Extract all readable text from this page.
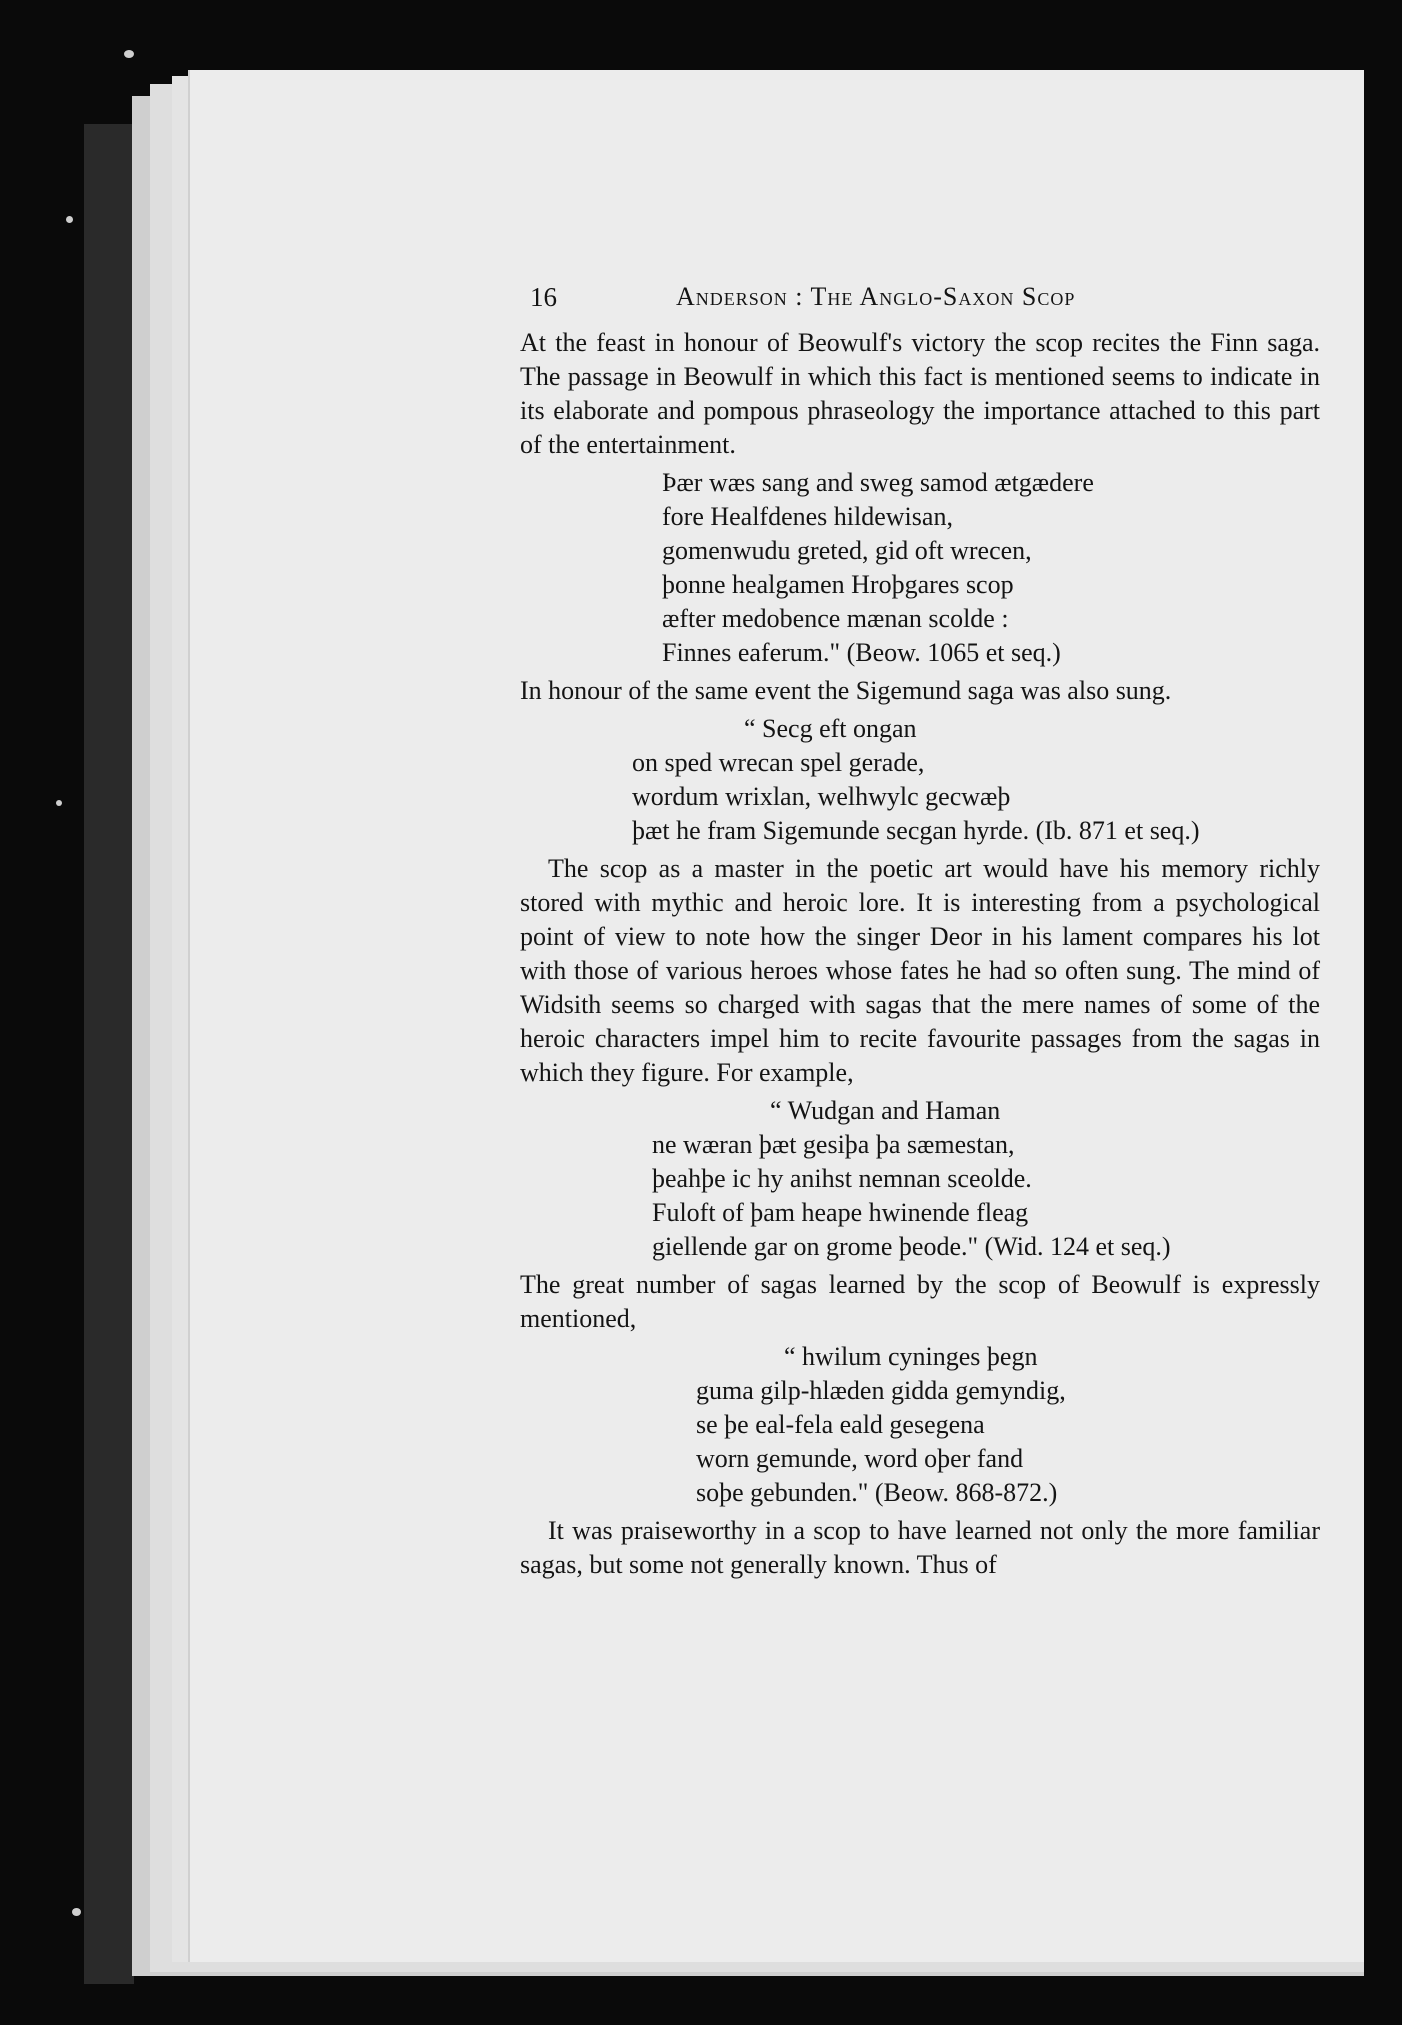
16	Anderson : The Anglo-Saxon Scop

At the feast in honour of Beowulf's victory the scop recites the Finn saga. The passage in Beowulf in which this fact is mentioned seems to indicate in its elaborate and pompous phraseology the importance attached to this part of the entertainment.

Þær wæs sang and sweg samod ætgædere
fore Healfdenes hildewisan,
gomenwudu greted, gid oft wrecen,
þonne healgamen Hroþgares scop
æfter medobence mænan scolde :
Finnes eaferum." (Beow. 1065 et seq.)

In honour of the same event the Sigemund saga was also sung.

“ Secg eft ongan
on sped wrecan spel gerade,
wordum wrixlan, welhwylc gecwæþ
þæt he fram Sigemunde secgan hyrde. (Ib. 871 et seq.)

The scop as a master in the poetic art would have his memory richly stored with mythic and heroic lore. It is interesting from a psychological point of view to note how the singer Deor in his lament compares his lot with those of various heroes whose fates he had so often sung. The mind of Widsith seems so charged with sagas that the mere names of some of the heroic characters impel him to recite favourite passages from the sagas in which they figure. For example,

“ Wudgan and Haman
ne wæran þæt gesiþa þa sæmestan,
þeahþe ic hy anihst nemnan sceolde.
Fuloft of þam heape hwinende fleag
giellende gar on grome þeode." (Wid. 124 et seq.)

The great number of sagas learned by the scop of Beowulf is expressly mentioned,

“ hwilum cyninges þegn
guma gilp-hlæden gidda gemyndig,
se þe eal-fela eald gesegena
worn gemunde, word oþer fand
soþe gebunden." (Beow. 868-872.)

It was praiseworthy in a scop to have learned not only the more familiar sagas, but some not generally known. Thus of
